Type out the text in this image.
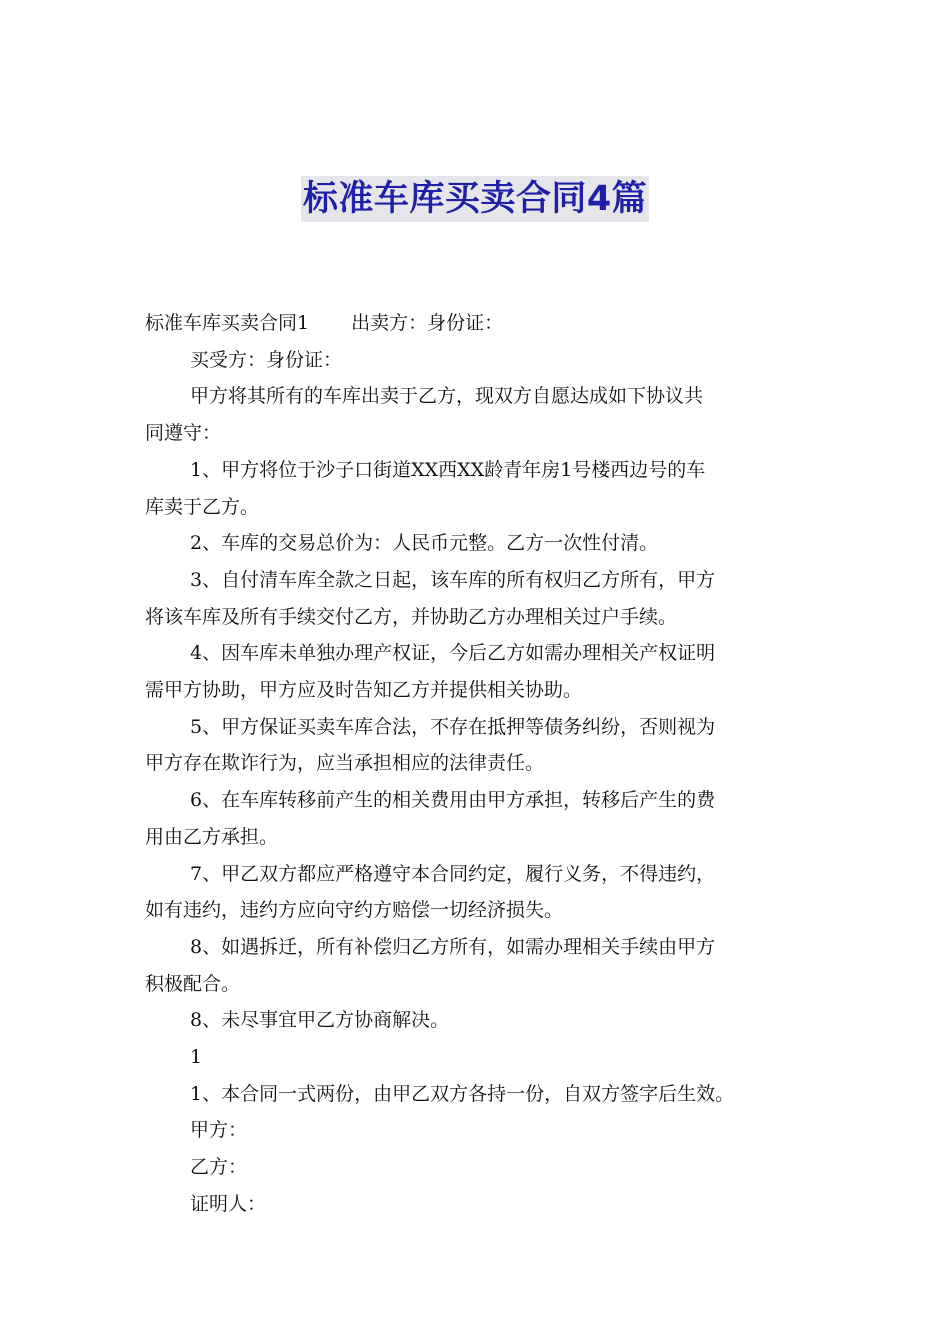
标准车库买卖合同4篇

标准车库买卖合同1 出卖方：身份证：

买受方：身份证：

甲方将其所有的车库出卖于乙方，现双方自愿达成如下协议共

同遵守：

1、甲方将位于沙子口街道XX西XX龄青年房1号楼西边号的车

库卖于乙方。

2、车库的交易总价为：人民币元整。乙方一次性付清。

3、自付清车库全款之日起，该车库的所有权归乙方所有，甲方

将该车库及所有手续交付乙方，并协助乙方办理相关过户手续。

4、因车库未单独办理产权证，今后乙方如需办理相关产权证明

需甲方协助，甲方应及时告知乙方并提供相关协助。

5、甲方保证买卖车库合法，不存在抵押等债务纠纷，否则视为

甲方存在欺诈行为，应当承担相应的法律责任。

6、在车库转移前产生的相关费用由甲方承担，转移后产生的费

用由乙方承担。

7、甲乙双方都应严格遵守本合同约定，履行义务，不得违约，

如有违约，违约方应向守约方赔偿一切经济损失。

8、如遇拆迁，所有补偿归乙方所有，如需办理相关手续由甲方

积极配合。

8、未尽事宜甲乙方协商解决。

1

1、本合同一式两份，由甲乙双方各持一份，自双方签字后生效。

甲方：

乙方：

证明人：
